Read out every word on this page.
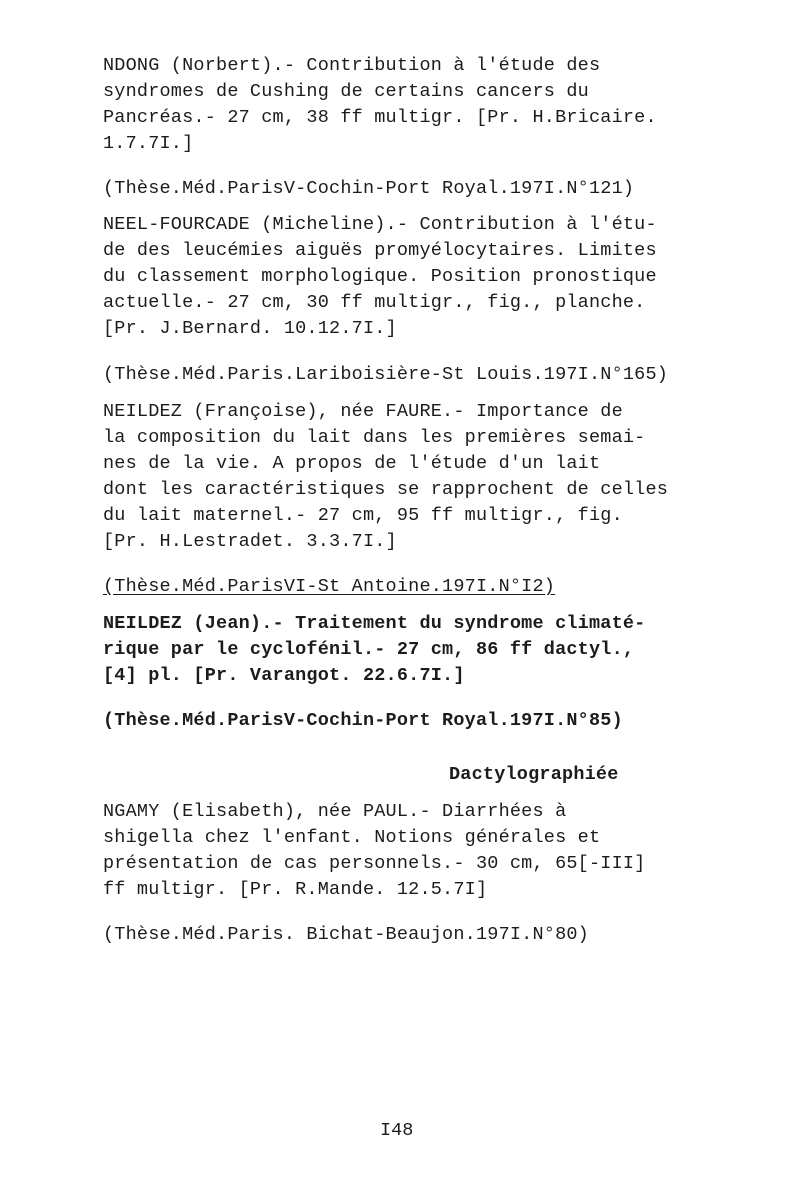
NDONG (Norbert).- Contribution à l'étude des
syndromes de Cushing de certains cancers du
Pancréas.- 27 cm, 38 ff multigr. [Pr. H.Bricaire.
1.7.7I.]
(Thèse.Méd.ParisV-Cochin-Port Royal.197I.N°121)
NEEL-FOURCADE (Micheline).- Contribution à l'étu-
de des leucémies aiguës promyélocytaires. Limites
du classement morphologique. Position pronostique
actuelle.- 27 cm, 30 ff multigr., fig., planche.
[Pr. J.Bernard. 10.12.7I.]
(Thèse.Méd.Paris.Lariboisière-St Louis.197I.N°165)
NEILDEZ (Françoise), née FAURE.- Importance de
la composition du lait dans les premières semai-
nes de la vie. A propos de l'étude d'un lait
dont les caractéristiques se rapprochent de celles
du lait maternel.- 27 cm, 95 ff multigr., fig.
[Pr. H.Lestradet. 3.3.7I.]
(Thèse.Méd.ParisVI-St Antoine.197I.N°I2)
NEILDEZ (Jean).- Traitement du syndrome climaté-
rique par le cyclofénil.- 27 cm, 86 ff dactyl.,
[4] pl. [Pr. Varangot. 22.6.7I.]
(Thèse.Méd.ParisV-Cochin-Port Royal.197I.N°85)
Dactylographiée
NGAMY (Elisabeth), née PAUL.- Diarrhées à
shigella chez l'enfant. Notions générales et
présentation de cas personnels.- 30 cm, 65[-III]
ff multigr. [Pr. R.Mande. 12.5.7I]
(Thèse.Méd.Paris. Bichat-Beaujon.197I.N°80)
I48
